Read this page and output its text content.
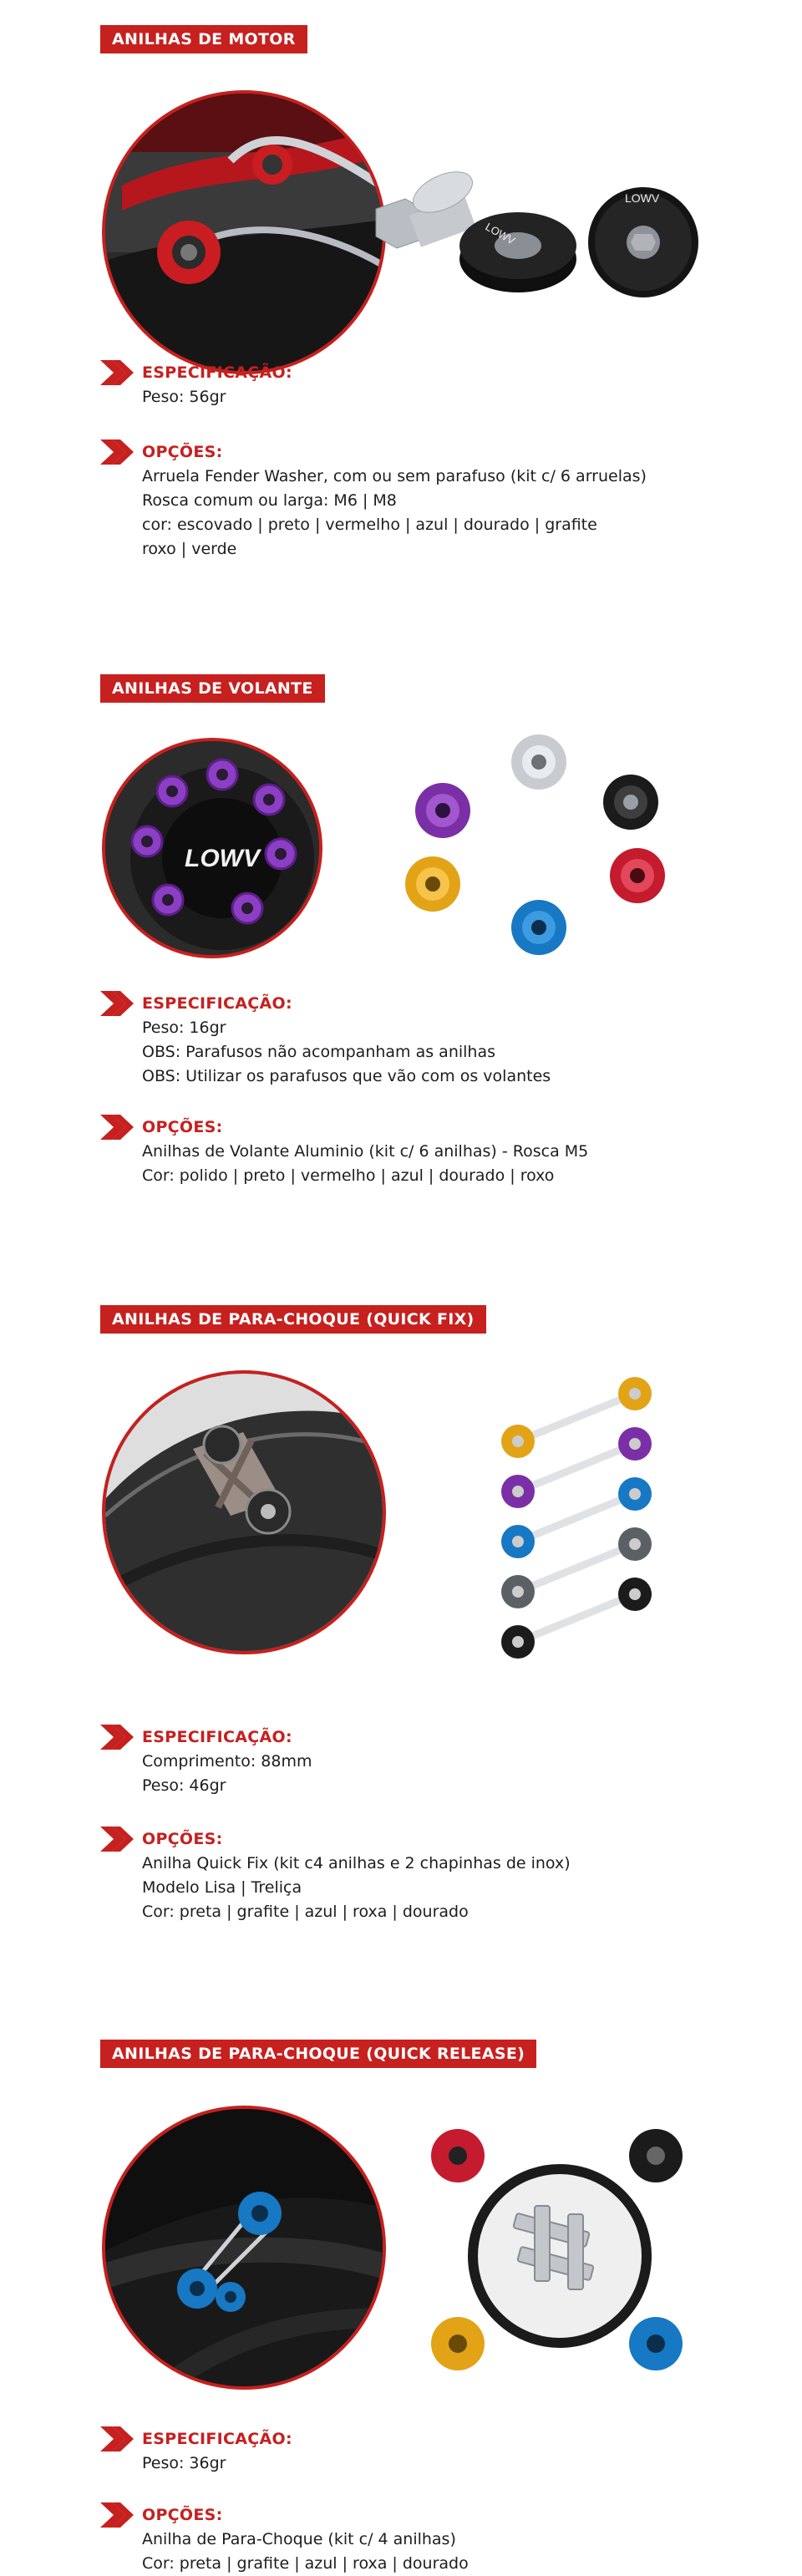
ANILHAS DE MOTOR
LOWV
LOWV
ESPECIFICAÇÃO:
Peso: 56gr
OPÇÕES:
Arruela Fender Washer, com ou sem parafuso (kit c/ 6 arruelas)
Rosca comum ou larga: M6 | M8
cor: escovado | preto | vermelho | azul | dourado | grafite
roxo | verde
ANILHAS DE VOLANTE
LOWV
ESPECIFICAÇÃO:
Peso: 16gr
OBS: Parafusos não acompanham as anilhas
OBS: Utilizar os parafusos que vão com os volantes
OPÇÕES:
Anilhas de Volante Aluminio (kit c/ 6 anilhas) - Rosca M5
Cor: polido | preto | vermelho | azul | dourado | roxo
ANILHAS DE PARA-CHOQUE (QUICK FIX)
ESPECIFICAÇÃO:
Comprimento: 88mm
Peso: 46gr
OPÇÕES:
Anilha Quick Fix (kit c4 anilhas e 2 chapinhas de inox)
Modelo Lisa | Treliça
Cor: preta | grafite | azul | roxa | dourado
ANILHAS DE PARA-CHOQUE (QUICK RELEASE)
ESPECIFICAÇÃO:
Peso: 36gr
OPÇÕES:
Anilha de Para-Choque (kit c/ 4 anilhas)
Cor: preta | grafite | azul | roxa | dourado
